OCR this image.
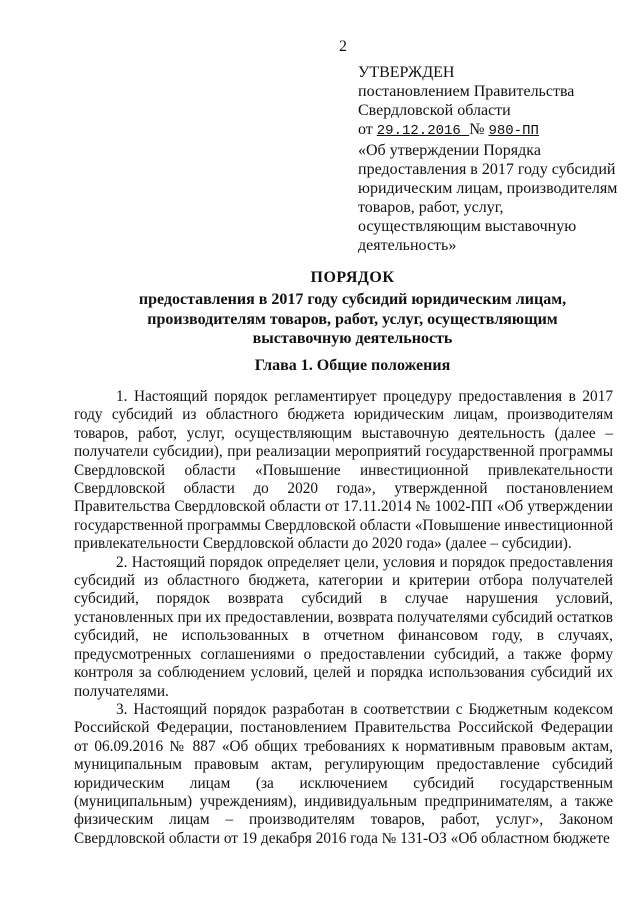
2
УТВЕРЖДЕН
постановлением Правительства
Свердловской области
от 29.12.2016 № 980-ПП
«Об утверждении Порядка
предоставления в 2017 году субсидий
юридическим лицам, производителям
товаров, работ, услуг,
осуществляющим выставочную
деятельность»
ПОРЯДОК
предоставления в 2017 году субсидий юридическим лицам,
производителям товаров, работ, услуг, осуществляющим
выставочную деятельность
Глава 1. Общие положения

1. Настоящий порядок регламентирует процедуру предоставления в 2017 году субсидий из областного бюджета юридическим лицам, производителям товаров, работ, услуг, осуществляющим выставочную деятельность (далее – получатели субсидии), при реализации мероприятий государственной программы Свердловской области «Повышение инвестиционной привлекательности Свердловской области до 2020 года», утвержденной постановлением Правительства Свердловской области от 17.11.2014 № 1002-ПП «Об утверждении государственной программы Свердловской области «Повышение инвестиционной привлекательности Свердловской области до 2020 года» (далее – субсидии).

2. Настоящий порядок определяет цели, условия и порядок предоставления субсидий из областного бюджета, категории и критерии отбора получателей субсидий, порядок возврата субсидий в случае нарушения условий, установленных при их предоставлении, возврата получателями субсидий остатков субсидий, не использованных в отчетном финансовом году, в случаях, предусмотренных соглашениями о предоставлении субсидий, а также форму контроля за соблюдением условий, целей и порядка использования субсидий их получателями.

3. Настоящий порядок разработан в соответствии с Бюджетным кодексом Российской Федерации, постановлением Правительства Российской Федерации от 06.09.2016 № 887 «Об общих требованиях к нормативным правовым актам, муниципальным правовым актам, регулирующим предоставление субсидий юридическим лицам (за исключением субсидий государственным (муниципальным) учреждениям), индивидуальным предпринимателям, а также физическим лицам – производителям товаров, работ, услуг», Законом Свердловской области от 19 декабря 2016 года № 131-ОЗ «Об областном бюджете
